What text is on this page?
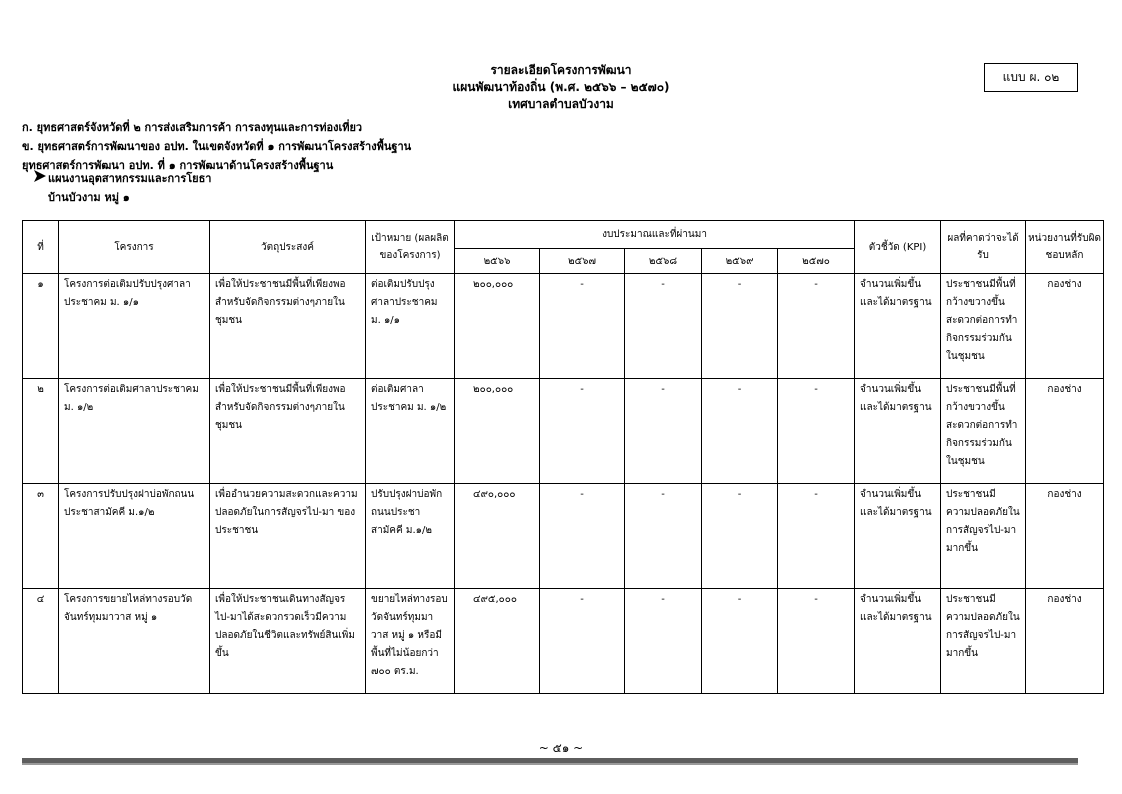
รายละเอียดโครงการพัฒนา
แผนพัฒนาท้องถิ่น (พ.ศ. ๒๕๖๖ – ๒๕๗๐)
เทศบาลตำบลบัวงาม
แบบ ผ. ๐๒
ก. ยุทธศาสตร์จังหวัดที่ ๒ การส่งเสริมการค้า การลงทุนและการท่องเที่ยว
ข. ยุทธศาสตร์การพัฒนาของ อปท. ในเขตจังหวัดที่ ๑ การพัฒนาโครงสร้างพื้นฐาน
ยุทธศาสตร์การพัฒนา อปท. ที่ ๑ การพัฒนาด้านโครงสร้างพื้นฐาน
แผนงานอุตสาหกรรมและการโยธา
บ้านบัวงาม หมู่ ๑
ที่	โครงการ	วัตถุประสงค์	เป้าหมาย (ผลผลิตของโครงการ)	งบประมาณและที่ผ่านมา					ตัวชี้วัด (KPI)	ผลที่คาดว่าจะได้รับ	หน่วยงานที่รับผิดชอบหลัก
				๒๕๖๖	๒๕๖๗	๒๕๖๘	๒๕๖๙	๒๕๗๐			
๑	โครงการต่อเติมปรับปรุงศาลาประชาคม ม. ๑/๑	เพื่อให้ประชาชนมีพื้นที่เพียงพอสำหรับจัดกิจกรรมต่างๆภายในชุมชน	ต่อเติมปรับปรุงศาลาประชาคม ม. ๑/๑	๒๐๐,๐๐๐	-	-	-	-	จำนวนเพิ่มขึ้นและได้มาตรฐาน	ประชาชนมีพื้นที่กว้างขวางขึ้น สะดวกต่อการทำกิจกรรมร่วมกันในชุมชน	กองช่าง
๒	โครงการต่อเติมศาลาประชาคม ม. ๑/๒	เพื่อให้ประชาชนมีพื้นที่เพียงพอสำหรับจัดกิจกรรมต่างๆภายในชุมชน	ต่อเติมศาลาประชาคม ม. ๑/๒	๒๐๐,๐๐๐	-	-	-	-	จำนวนเพิ่มขึ้นและได้มาตรฐาน	ประชาชนมีพื้นที่กว้างขวางขึ้น สะดวกต่อการทำกิจกรรมร่วมกันในชุมชน	กองช่าง
๓	โครงการปรับปรุงฝาบ่อพักถนนประชาสามัคคี ม.๑/๒	เพื่ออำนวยความสะดวกและความปลอดภัยในการสัญจรไป-มา ของประชาชน	ปรับปรุงฝาบ่อพักถนนประชาสามัคคี ม.๑/๒	๔๙๐,๐๐๐	-	-	-	-	จำนวนเพิ่มขึ้นและได้มาตรฐาน	ประชาชนมีความปลอดภัยในการสัญจรไป-มา มากขึ้น	กองช่าง
๔	โครงการขยายไหล่ทางรอบวัดจันทร์ทุมมาวาส หมู่ ๑	เพื่อให้ประชาชนเดินทางสัญจรไป-มาได้สะดวกรวดเร็วมีความปลอดภัยในชีวิตและทรัพย์สินเพิ่มขึ้น	ขยายไหล่ทางรอบวัดจันทร์ทุมมาวาส หมู่ ๑ หรือมีพื้นที่ไม่น้อยกว่า ๗๐๐ ตร.ม.	๔๙๕,๐๐๐	-	-	-	-	จำนวนเพิ่มขึ้นและได้มาตรฐาน	ประชาชนมีความปลอดภัยในการสัญจรไป-มา มากขึ้น	กองช่าง
~ ๕๑ ~
